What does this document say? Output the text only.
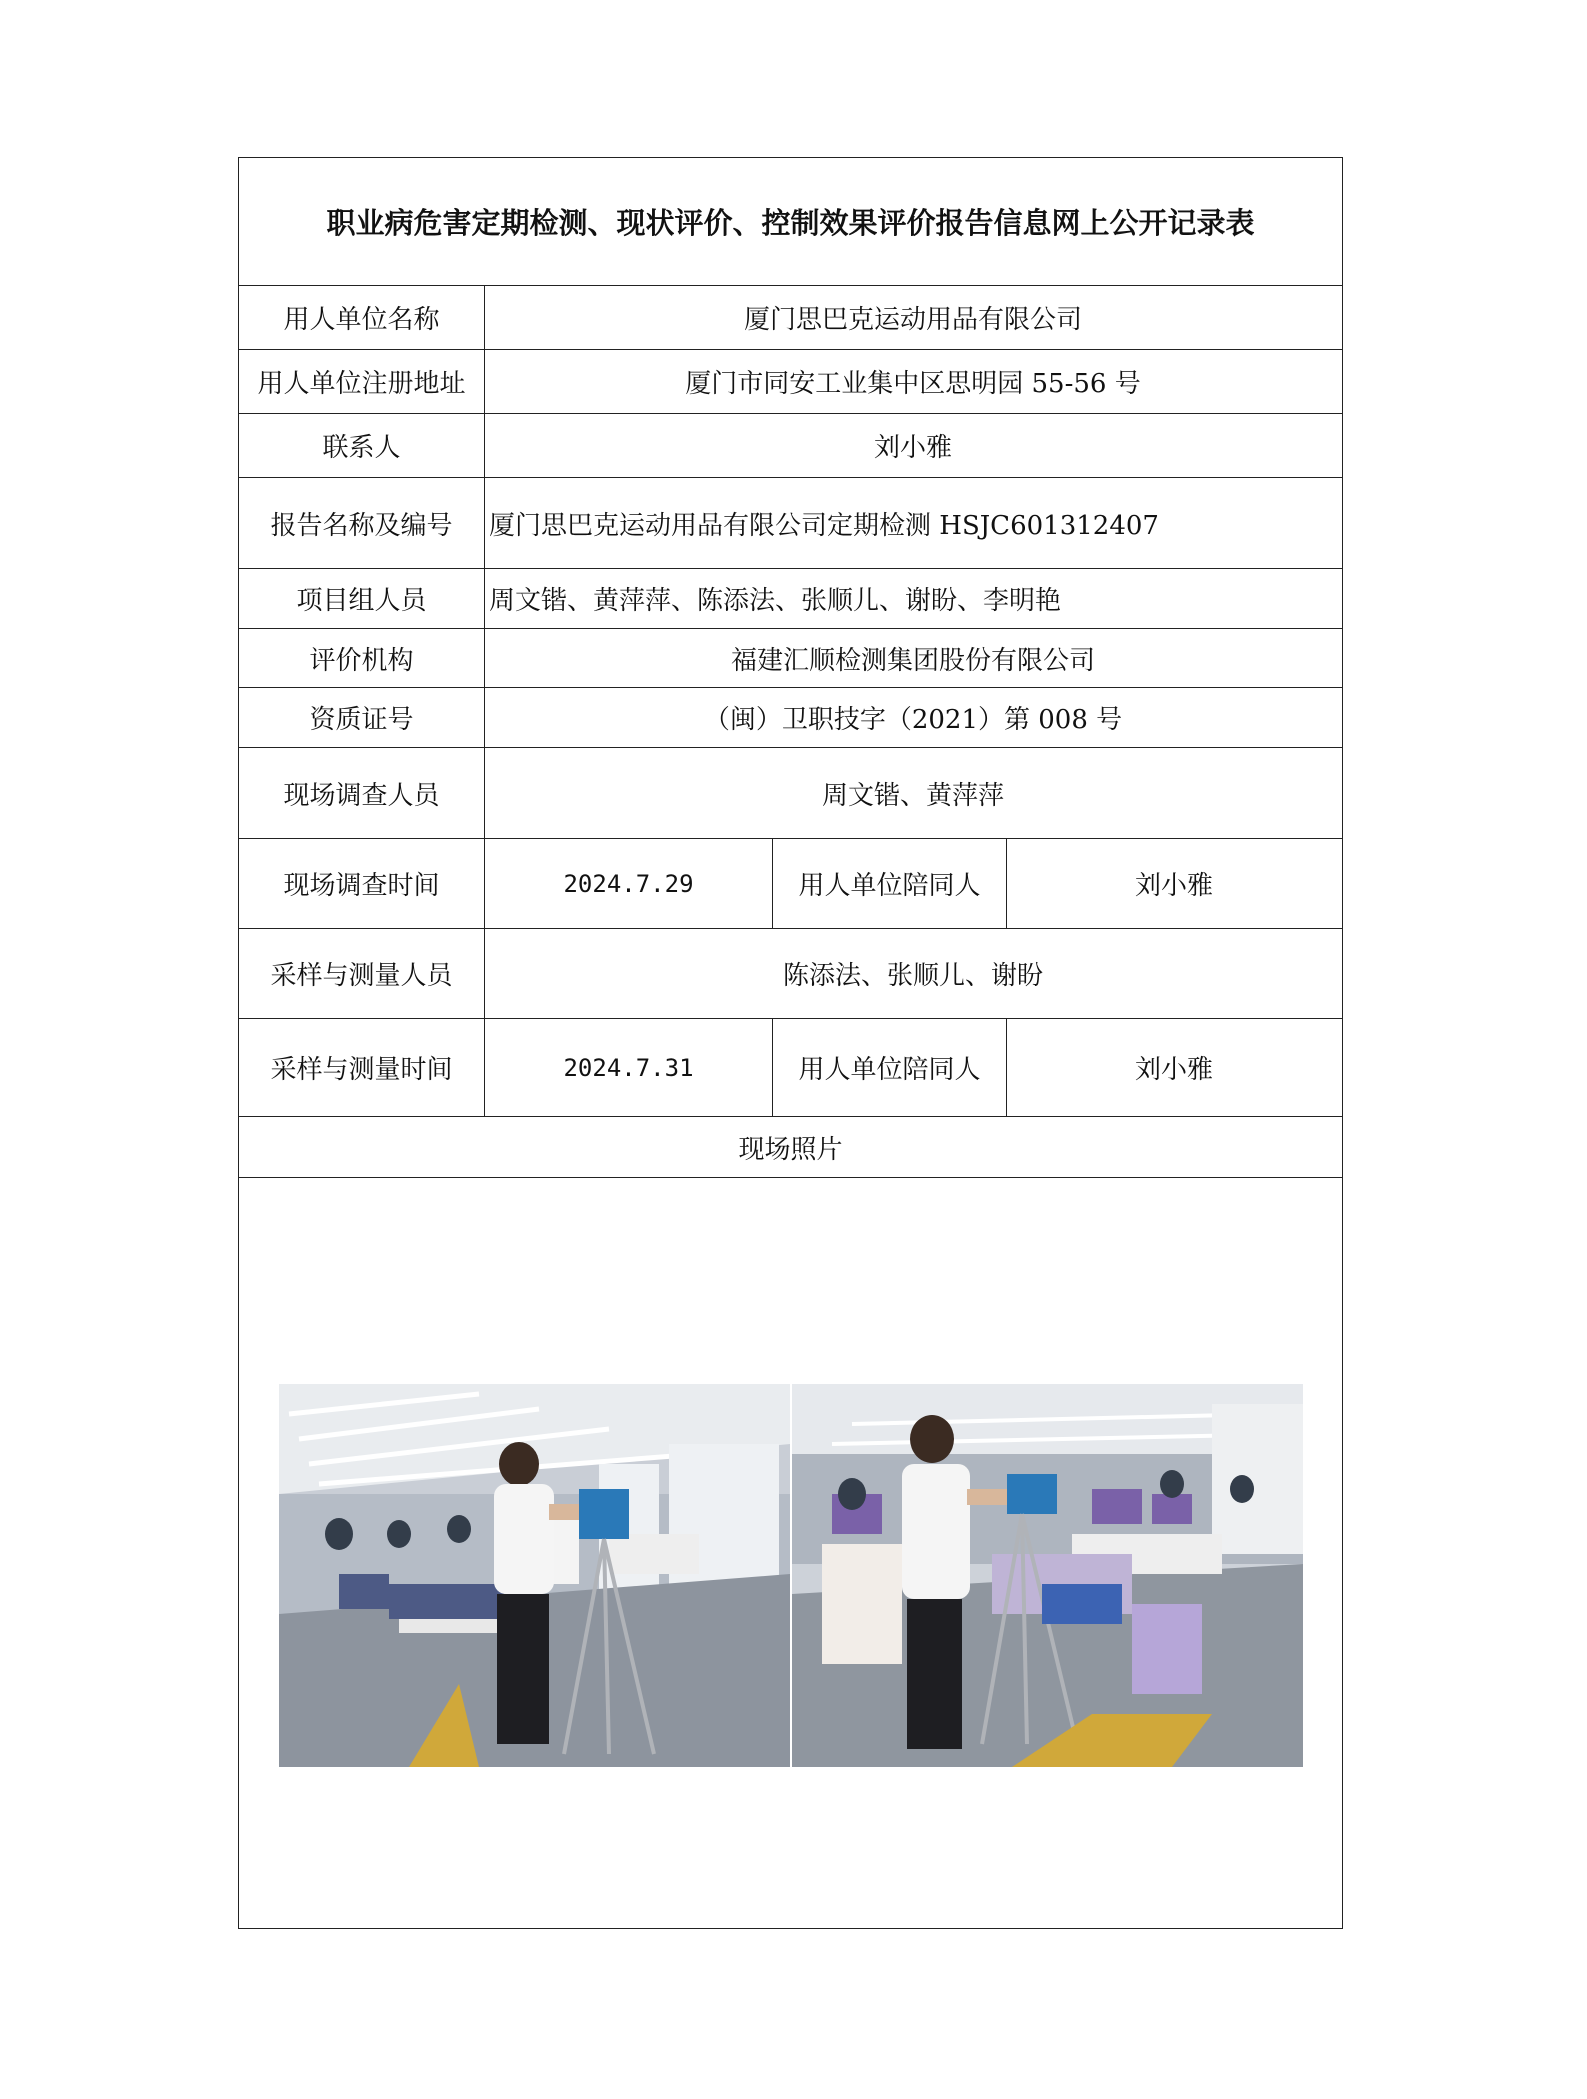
职业病危害定期检测、现状评价、控制效果评价报告信息网上公开记录表
用人单位名称	厦门思巴克运动用品有限公司
用人单位注册地址	厦门市同安工业集中区思明园 55-56 号
联系人	刘小雅
报告名称及编号	厦门思巴克运动用品有限公司定期检测 HSJC601312407
项目组人员	周文锴、黄萍萍、陈添法、张顺儿、谢盼、李明艳
评价机构	福建汇顺检测集团股份有限公司
资质证号	（闽）卫职技字（2021）第 008 号
现场调查人员	周文锴、黄萍萍
现场调查时间	2024.7.29	用人单位陪同人	刘小雅
采样与测量人员	陈添法、张顺儿、谢盼
采样与测量时间	2024.7.31	用人单位陪同人	刘小雅
现场照片
